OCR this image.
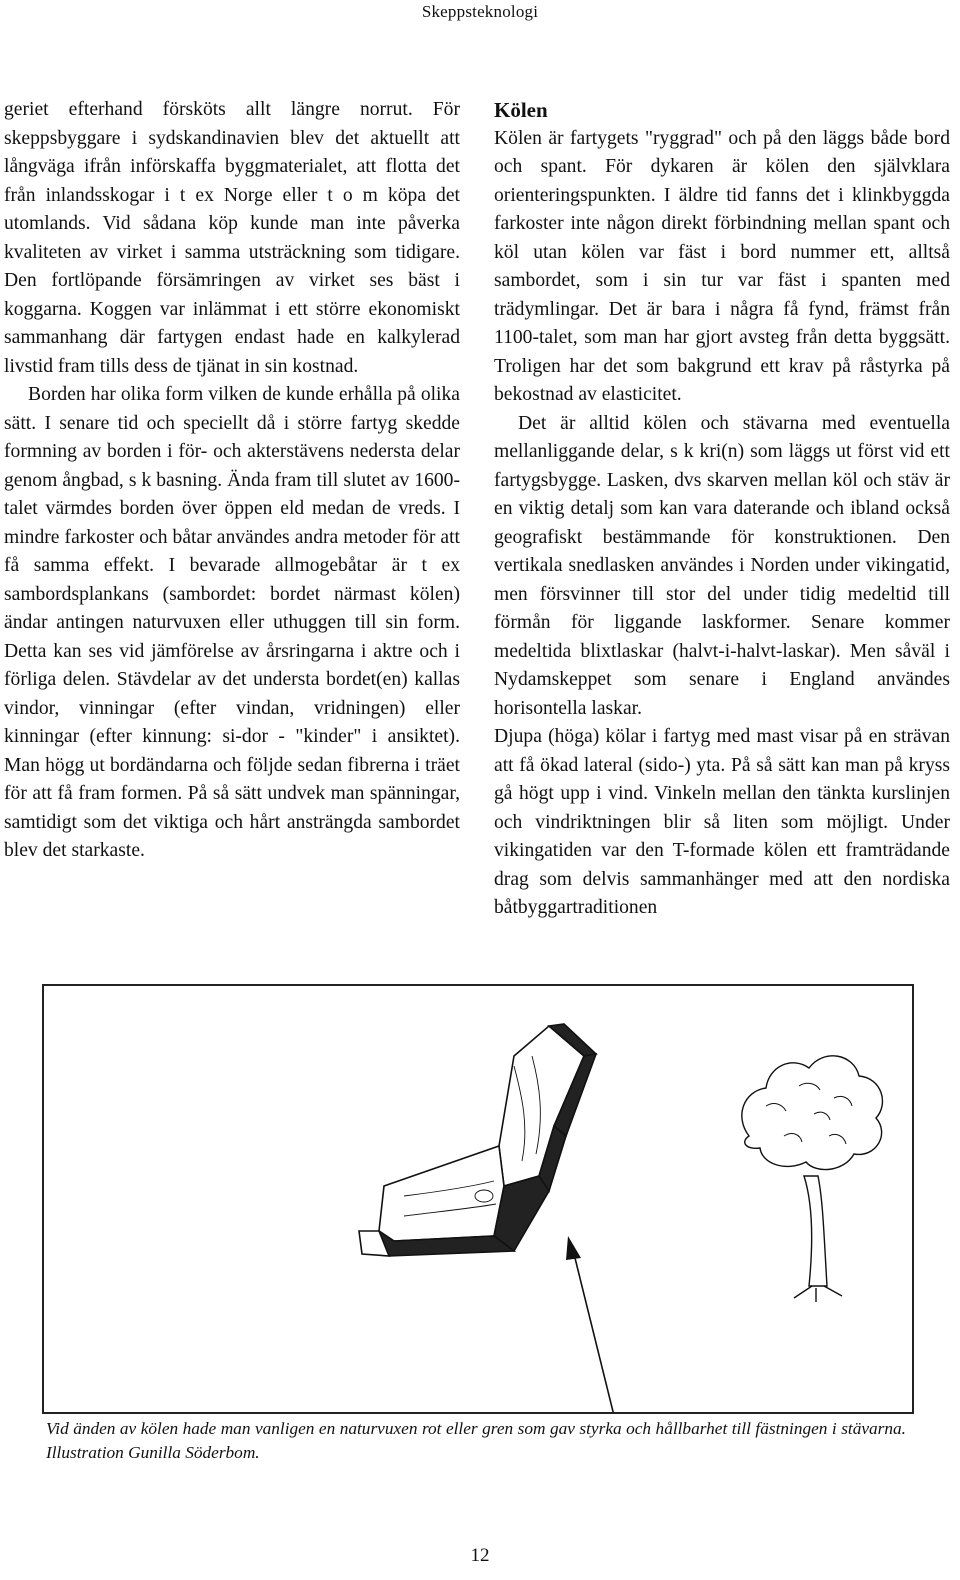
Skeppsteknologi

geriet efterhand försköts allt längre norrut. För skeppsbyggare i sydskandinavien blev det aktuellt att långväga ifrån införskaffa byggmaterialet, att flotta det från inlandsskogar i t ex Norge eller t o m köpa det utomlands. Vid sådana köp kunde man inte påverka kvaliteten av virket i samma utsträckning som tidigare. Den fortlöpande försämringen av virket ses bäst i koggarna. Koggen var inlämmat i ett större ekonomiskt sammanhang där fartygen endast hade en kalkylerad livstid fram tills dess de tjänat in sin kostnad.

Borden har olika form vilken de kunde erhålla på olika sätt. I senare tid och speciellt då i större fartyg skedde formning av borden i för- och akterstävens nedersta delar genom ångbad, s k basning. Ända fram till slutet av 1600-talet värmdes borden över öppen eld medan de vreds. I mindre farkoster och båtar användes andra metoder för att få samma effekt. I bevarade allmogebåtar är t ex sambordsplankans (sambordet: bordet närmast kölen) ändar antingen naturvuxen eller uthuggen till sin form. Detta kan ses vid jämförelse av årsringarna i aktre och i förliga delen. Stävdelar av det understa bordet(en) kallas vindor, vinningar (efter vindan, vridningen) eller kinningar (efter kinnung: si-dor - "kinder" i ansiktet). Man högg ut bordändarna och följde sedan fibrerna i träet för att få fram formen. På så sätt undvek man spänningar, samtidigt som det viktiga och hårt ansträngda sambordet blev det starkaste.

Kölen

Kölen är fartygets "ryggrad" och på den läggs både bord och spant. För dykaren är kölen den självklara orienteringspunkten. I äldre tid fanns det i klinkbyggda farkoster inte någon direkt förbindning mellan spant och köl utan kölen var fäst i bord nummer ett, alltså sambordet, som i sin tur var fäst i spanten med trädymlingar. Det är bara i några få fynd, främst från 1100-talet, som man har gjort avsteg från detta byggsätt. Troligen har det som bakgrund ett krav på råstyrka på bekostnad av elasticitet.

Det är alltid kölen och stävarna med eventuella mellanliggande delar, s k kri(n) som läggs ut först vid ett fartygsbygge. Lasken, dvs skarven mellan köl och stäv är en viktig detalj som kan vara daterande och ibland också geografiskt bestämmande för konstruktionen. Den vertikala snedlasken användes i Norden under vikingatid, men försvinner till stor del under tidig medeltid till förmån för liggande laskformer. Senare kommer medeltida blixtlaskar (halvt-i-halvt-laskar). Men såväl i Nydamskeppet som senare i England användes horisontella laskar.

Djupa (höga) kölar i fartyg med mast visar på en strävan att få ökad lateral (sido-) yta. På så sätt kan man på kryss gå högt upp i vind. Vinkeln mellan den tänkta kurslinjen och vindriktningen blir så liten som möjligt. Under vikingatiden var den T-formade kölen ett framträdande drag som delvis sammanhänger med att den nordiska båtbyggartraditionen

Vid änden av kölen hade man vanligen en naturvuxen rot eller gren som gav styrka och hållbarhet till fästningen i stävarna. Illustration Gunilla Söderbom.
12
